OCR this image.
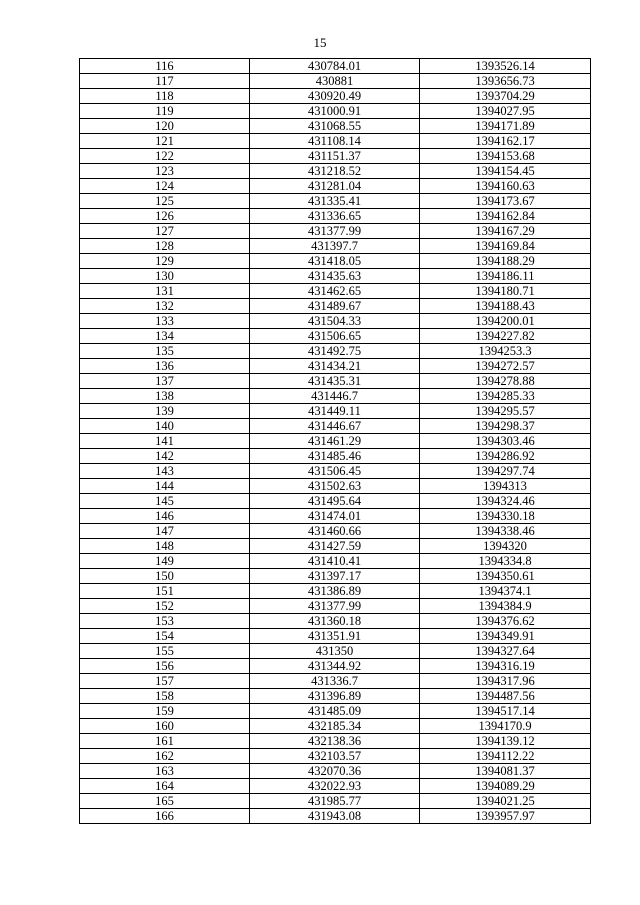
15
116	430784.01	1393526.14
117	430881	1393656.73
118	430920.49	1393704.29
119	431000.91	1394027.95
120	431068.55	1394171.89
121	431108.14	1394162.17
122	431151.37	1394153.68
123	431218.52	1394154.45
124	431281.04	1394160.63
125	431335.41	1394173.67
126	431336.65	1394162.84
127	431377.99	1394167.29
128	431397.7	1394169.84
129	431418.05	1394188.29
130	431435.63	1394186.11
131	431462.65	1394180.71
132	431489.67	1394188.43
133	431504.33	1394200.01
134	431506.65	1394227.82
135	431492.75	1394253.3
136	431434.21	1394272.57
137	431435.31	1394278.88
138	431446.7	1394285.33
139	431449.11	1394295.57
140	431446.67	1394298.37
141	431461.29	1394303.46
142	431485.46	1394286.92
143	431506.45	1394297.74
144	431502.63	1394313
145	431495.64	1394324.46
146	431474.01	1394330.18
147	431460.66	1394338.46
148	431427.59	1394320
149	431410.41	1394334.8
150	431397.17	1394350.61
151	431386.89	1394374.1
152	431377.99	1394384.9
153	431360.18	1394376.62
154	431351.91	1394349.91
155	431350	1394327.64
156	431344.92	1394316.19
157	431336.7	1394317.96
158	431396.89	1394487.56
159	431485.09	1394517.14
160	432185.34	1394170.9
161	432138.36	1394139.12
162	432103.57	1394112.22
163	432070.36	1394081.37
164	432022.93	1394089.29
165	431985.77	1394021.25
166	431943.08	1393957.97
